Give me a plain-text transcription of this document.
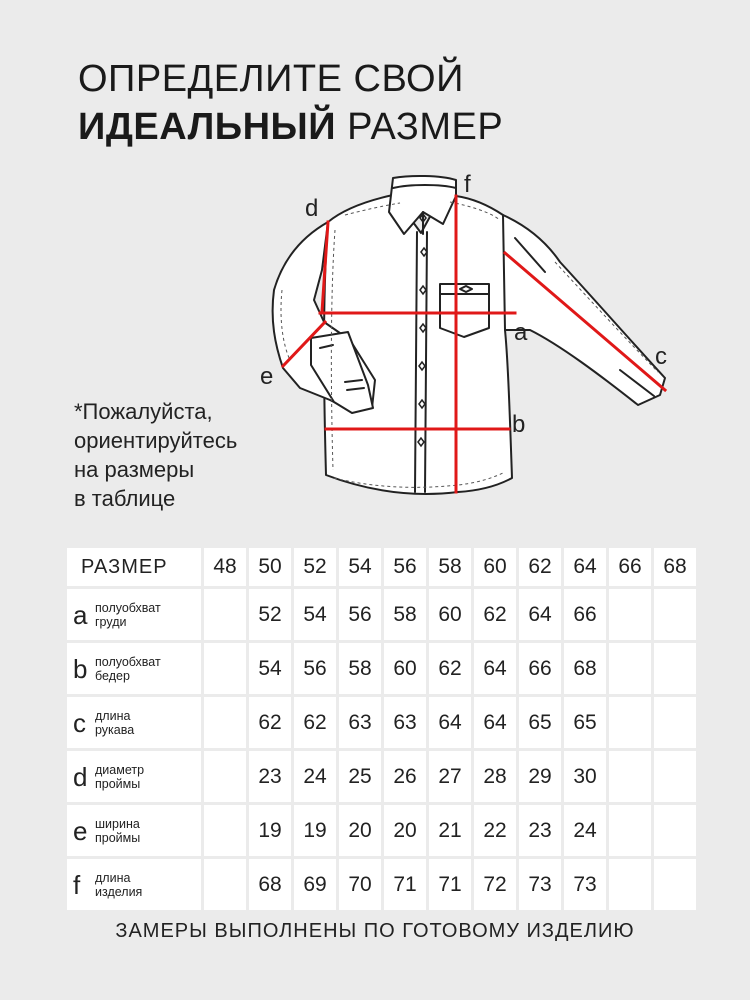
ОПРЕДЕЛИТЕ СВОЙ
ИДЕАЛЬНЫЙ РАЗМЕР
a
b
c
d
e
f
*Пожалуйста,
ориентируйтесь
на размеры
в таблице
РАЗМЕР	48	50	52	54	56	58	60	62	64	66	68

a полуобхват
груди		52	54	56	58	60	62	64	66		

b полуобхват
бедер		54	56	58	60	62	64	66	68		

c длина
рукава		62	62	63	63	64	64	65	65		

d диаметр
проймы		23	24	25	26	27	28	29	30		

e ширина
проймы		19	19	20	20	21	22	23	24		

f длина
изделия		68	69	70	71	71	72	73	73		
ЗАМЕРЫ ВЫПОЛНЕНЫ ПО ГОТОВОМУ ИЗДЕЛИЮ
